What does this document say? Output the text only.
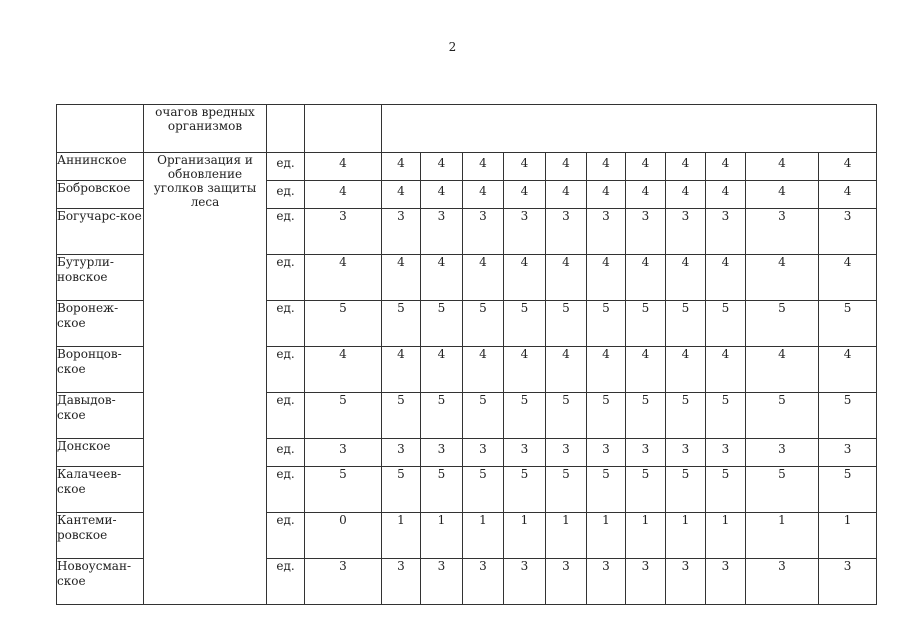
2
	очагов вредных организмов													
Аннинское	Организация и обновление уголков защиты леса	ед.	4	4	4	4	4	4	4	4	4	4	4	4
Бобровское		ед.	4	4	4	4	4	4	4	4	4	4	4	4
Богучарс-кое		ед.	3	3	3	3	3	3	3	3	3	3	3	3
Бутурли-новское		ед.	4	4	4	4	4	4	4	4	4	4	4	4
Воронеж-ское		ед.	5	5	5	5	5	5	5	5	5	5	5	5
Воронцов-ское		ед.	4	4	4	4	4	4	4	4	4	4	4	4
Давыдов-ское		ед.	5	5	5	5	5	5	5	5	5	5	5	5
Донское		ед.	3	3	3	3	3	3	3	3	3	3	3	3
Калачеев-ское		ед.	5	5	5	5	5	5	5	5	5	5	5	5
Кантеми-ровское		ед.	0	1	1	1	1	1	1	1	1	1	1	1
Новоусман-ское		ед.	3	3	3	3	3	3	3	3	3	3	3	3
